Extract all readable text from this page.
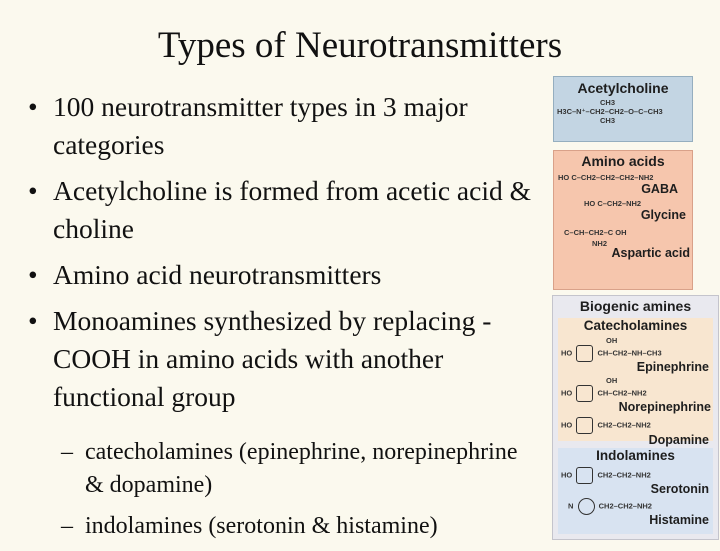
Types of Neurotransmitters
• 100 neurotransmitter types in 3 major categories
• Acetylcholine is formed from acetic acid & choline
• Amino acid neurotransmitters
• Monoamines synthesized by replacing -COOH in amino acids with another functional group
– catecholamines (epinephrine, norepinephrine & dopamine)
– indolamines (serotonin & histamine)
Acetylcholine
CH3
H3C–N⁺–CH2–CH2–O–C–CH3
CH3
Amino acids
HO C–CH2–CH2–CH2–NH2
GABA
HO C–CH2–NH2
Glycine
C–CH–CH2–C OH
NH2
Aspartic acid
Biogenic amines
Catecholamines
OH
HO	CH–CH2–NH–CH3
Epinephrine
OH
HO	CH–CH2–NH2
Norepinephrine
HO	CH2–CH2–NH2
Dopamine
Indolamines
HO	CH2–CH2–NH2
Serotonin
N	CH2–CH2–NH2
Histamine
